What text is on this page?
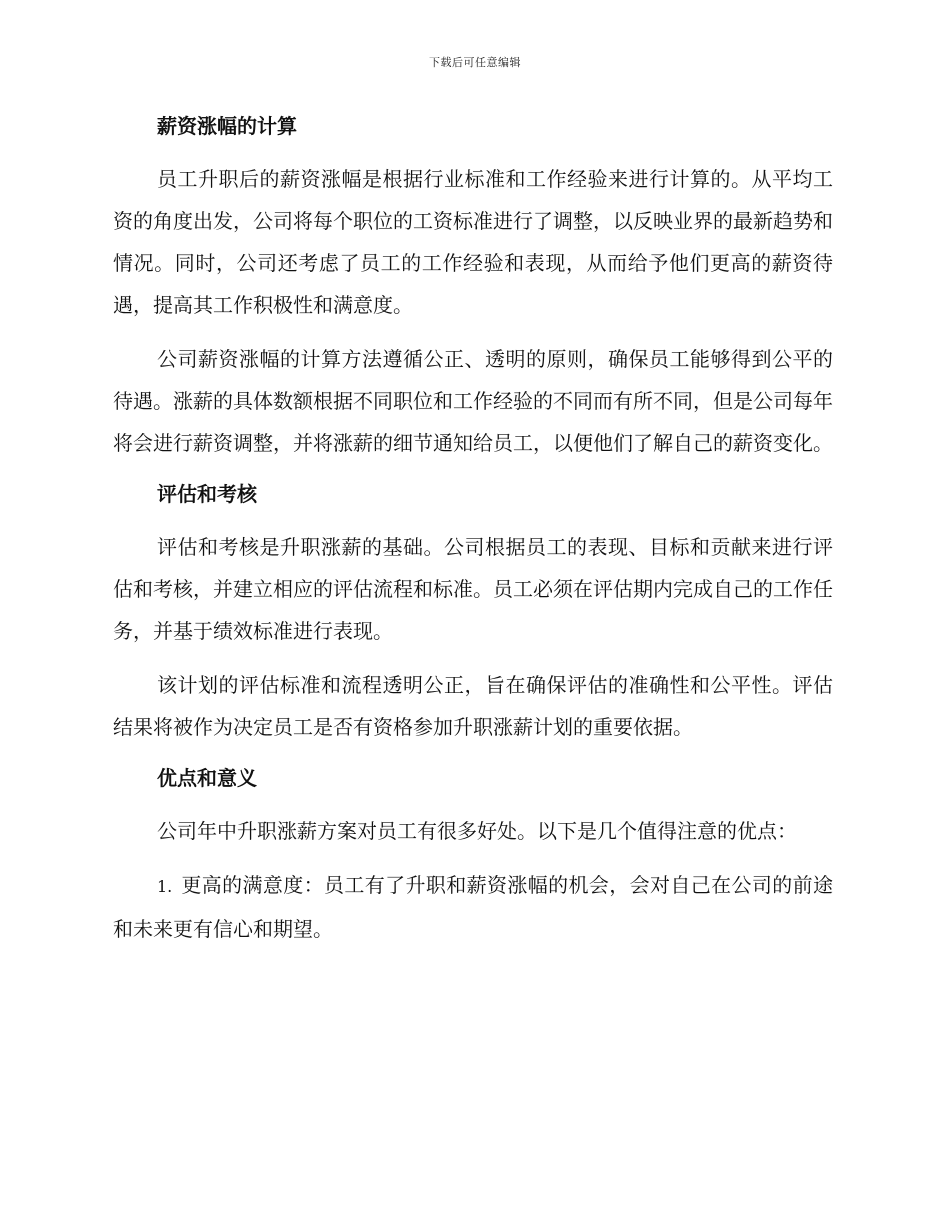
下载后可任意编辑
薪资涨幅的计算

员工升职后的薪资涨幅是根据行业标准和工作经验来进行计算的。从平均工资的角度出发，公司将每个职位的工资标准进行了调整，以反映业界的最新趋势和情况。同时，公司还考虑了员工的工作经验和表现，从而给予他们更高的薪资待遇，提高其工作积极性和满意度。

公司薪资涨幅的计算方法遵循公正、透明的原则，确保员工能够得到公平的待遇。涨薪的具体数额根据不同职位和工作经验的不同而有所不同，但是公司每年将会进行薪资调整，并将涨薪的细节通知给员工，以便他们了解自己的薪资变化。

评估和考核

评估和考核是升职涨薪的基础。公司根据员工的表现、目标和贡献来进行评估和考核，并建立相应的评估流程和标准。员工必须在评估期内完成自己的工作任务，并基于绩效标准进行表现。

该计划的评估标准和流程透明公正，旨在确保评估的准确性和公平性。评估结果将被作为决定员工是否有资格参加升职涨薪计划的重要依据。

优点和意义

公司年中升职涨薪方案对员工有很多好处。以下是几个值得注意的优点：

1. 更高的满意度：员工有了升职和薪资涨幅的机会，会对自己在公司的前途和未来更有信心和期望。
